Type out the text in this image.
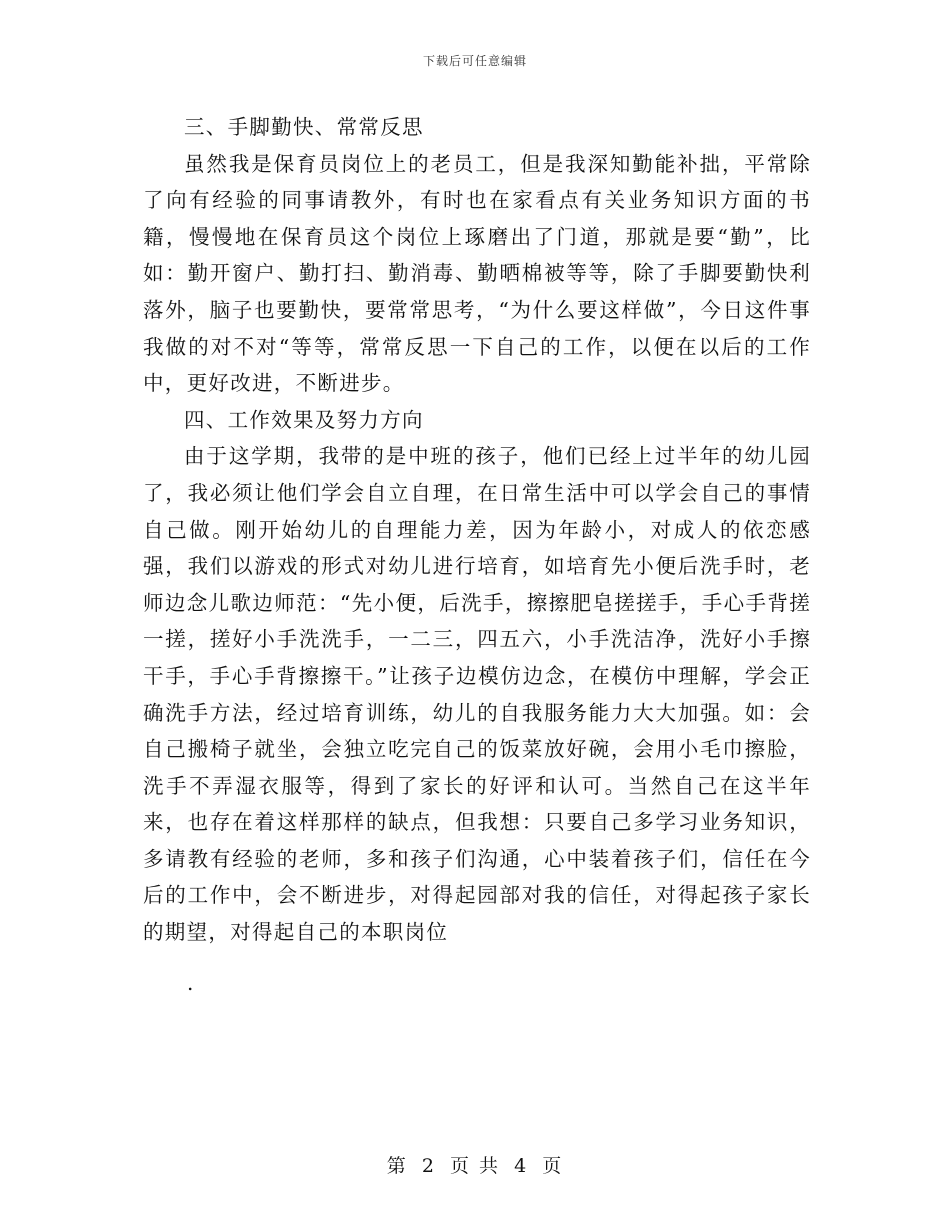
下载后可任意编辑

三、手脚勤快、常常反思

虽然我是保育员岗位上的老员工，但是我深知勤能补拙，平常除了向有经验的同事请教外，有时也在家看点有关业务知识方面的书籍，慢慢地在保育员这个岗位上琢磨出了门道，那就是要“勤”，比如：勤开窗户、勤打扫、勤消毒、勤晒棉被等等，除了手脚要勤快利落外，脑子也要勤快，要常常思考，“为什么要这样做”，今日这件事我做的对不对“等等，常常反思一下自己的工作，以便在以后的工作中，更好改进，不断进步。

四、工作效果及努力方向

由于这学期，我带的是中班的孩子，他们已经上过半年的幼儿园了，我必须让他们学会自立自理，在日常生活中可以学会自己的事情自己做。刚开始幼儿的自理能力差，因为年龄小，对成人的依恋感强，我们以游戏的形式对幼儿进行培育，如培育先小便后洗手时，老师边念儿歌边师范：“先小便，后洗手，擦擦肥皂搓搓手，手心手背搓一搓，搓好小手洗洗手，一二三，四五六，小手洗洁净，洗好小手擦干手，手心手背擦擦干。”让孩子边模仿边念，在模仿中理解，学会正确洗手方法，经过培育训练，幼儿的自我服务能力大大加强。如：会自己搬椅子就坐，会独立吃完自己的饭菜放好碗，会用小毛巾擦脸，洗手不弄湿衣服等，得到了家长的好评和认可。当然自己在这半年来，也存在着这样那样的缺点，但我想：只要自己多学习业务知识，多请教有经验的老师，多和孩子们沟通，心中装着孩子们，信任在今后的工作中，会不断进步，对得起园部对我的信任，对得起孩子家长的期望，对得起自己的本职岗位

.
第 2 页 共 4 页
